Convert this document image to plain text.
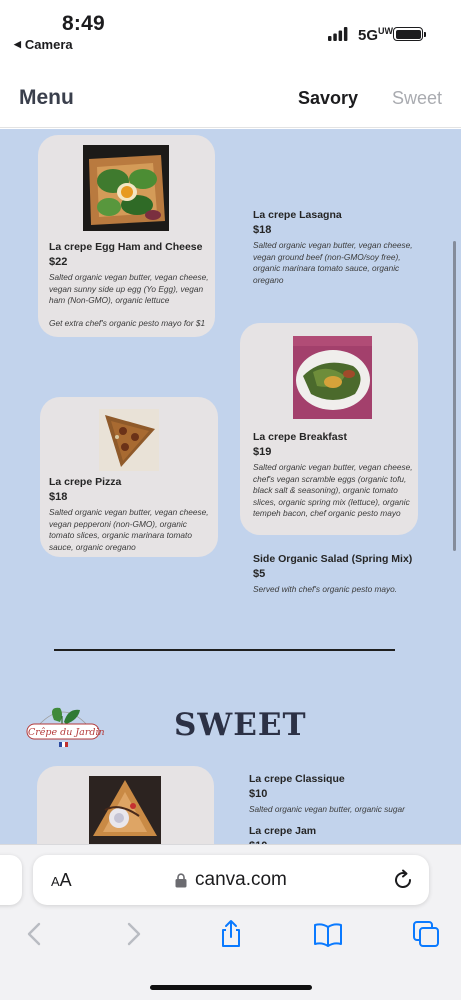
8:49
◀ Camera
$5G^{UW}$
Menu	Savory Sweet
La crepe Egg Ham and Cheese
$22
Salted organic vegan butter, vegan cheese, vegan sunny side up egg (Yo Egg), vegan ham (Non-GMO), organic lettuce
Get extra chef's organic pesto mayo for $1
La crepe Lasagna
$18
Salted organic vegan butter, vegan cheese, vegan ground beef (non-GMO/soy free), organic marinara tomato sauce, organic oregano
La crepe Breakfast
$19
Salted organic vegan butter, vegan cheese, chef's vegan scramble eggs (organic tofu, black salt & seasoning), organic tomato slices, organic spring mix (lettuce), organic tempeh bacon, chef organic pesto mayo
La crepe Pizza
$18
Salted organic vegan butter, vegan cheese, vegan pepperoni (non-GMO), organic tomato slices, organic marinara tomato sauce, organic oregano
Side Organic Salad (Spring Mix)
$5
Served with chef's organic pesto mayo.
Crêpe du Jardin SWEET
La crepe Classique
$10
Salted organic vegan butter, organic sugar
La crepe Jam
AA	canva.com
